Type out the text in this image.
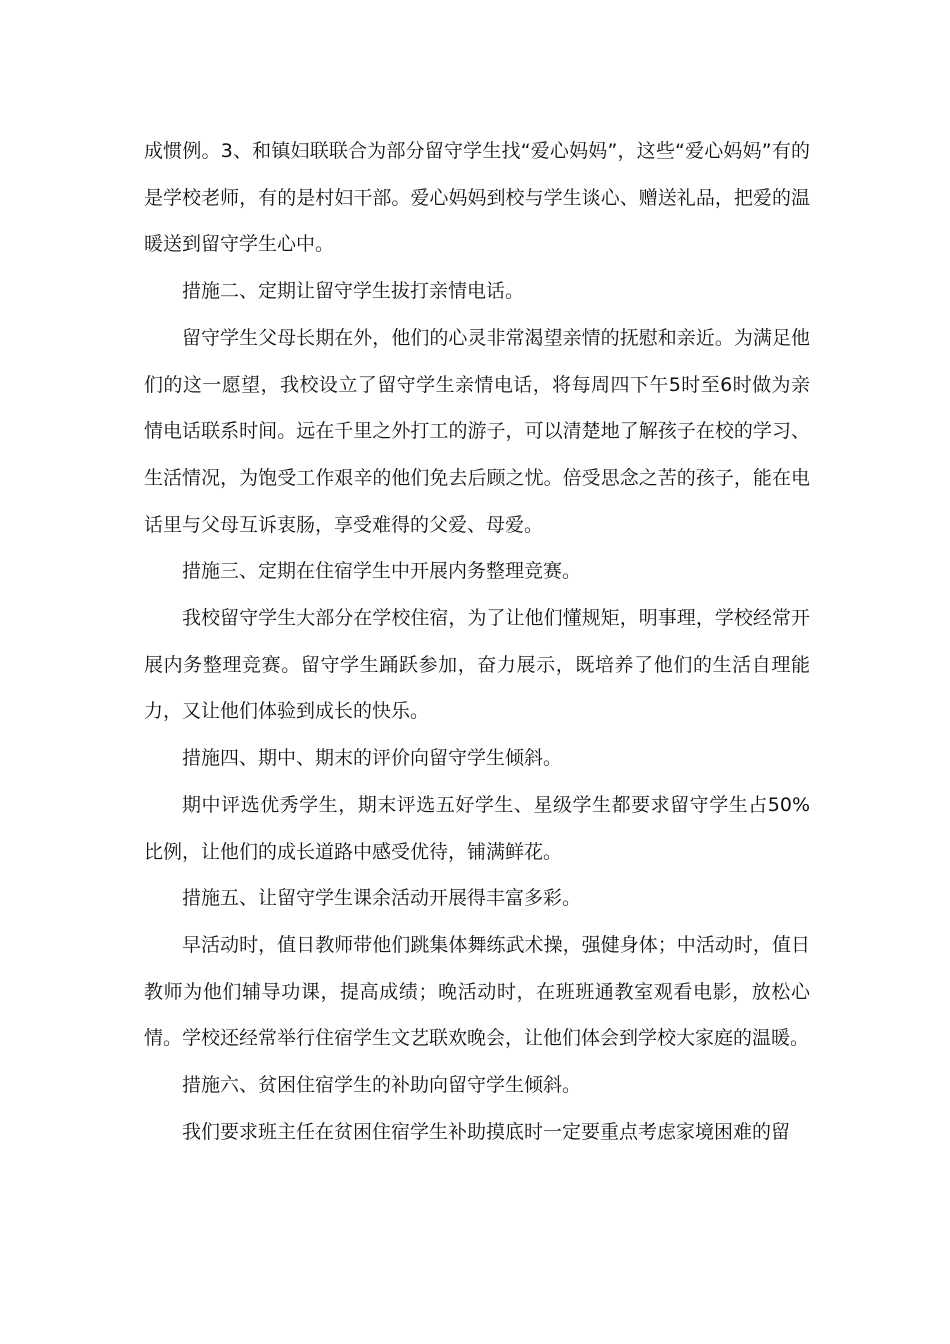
成惯例。3、和镇妇联联合为部分留守学生找“爱心妈妈”，这些“爱心妈妈”有的是学校老师，有的是村妇干部。爱心妈妈到校与学生谈心、赠送礼品，把爱的温暖送到留守学生心中。

措施二、定期让留守学生拔打亲情电话。

留守学生父母长期在外，他们的心灵非常渴望亲情的抚慰和亲近。为满足他们的这一愿望，我校设立了留守学生亲情电话，将每周四下午5时至6时做为亲情电话联系时间。远在千里之外打工的游子，可以清楚地了解孩子在校的学习、生活情况，为饱受工作艰辛的他们免去后顾之忧。倍受思念之苦的孩子，能在电话里与父母互诉衷肠，享受难得的父爱、母爱。

措施三、定期在住宿学生中开展内务整理竞赛。

我校留守学生大部分在学校住宿，为了让他们懂规矩，明事理，学校经常开展内务整理竞赛。留守学生踊跃参加，奋力展示，既培养了他们的生活自理能力，又让他们体验到成长的快乐。

措施四、期中、期末的评价向留守学生倾斜。

期中评选优秀学生，期末评选五好学生、星级学生都要求留守学生占50%比例，让他们的成长道路中感受优待，铺满鲜花。

措施五、让留守学生课余活动开展得丰富多彩。

早活动时，值日教师带他们跳集体舞练武术操，强健身体；中活动时，值日教师为他们辅导功课，提高成绩；晚活动时，在班班通教室观看电影，放松心情。学校还经常举行住宿学生文艺联欢晚会，让他们体会到学校大家庭的温暖。

措施六、贫困住宿学生的补助向留守学生倾斜。

我们要求班主任在贫困住宿学生补助摸底时一定要重点考虑家境困难的留
